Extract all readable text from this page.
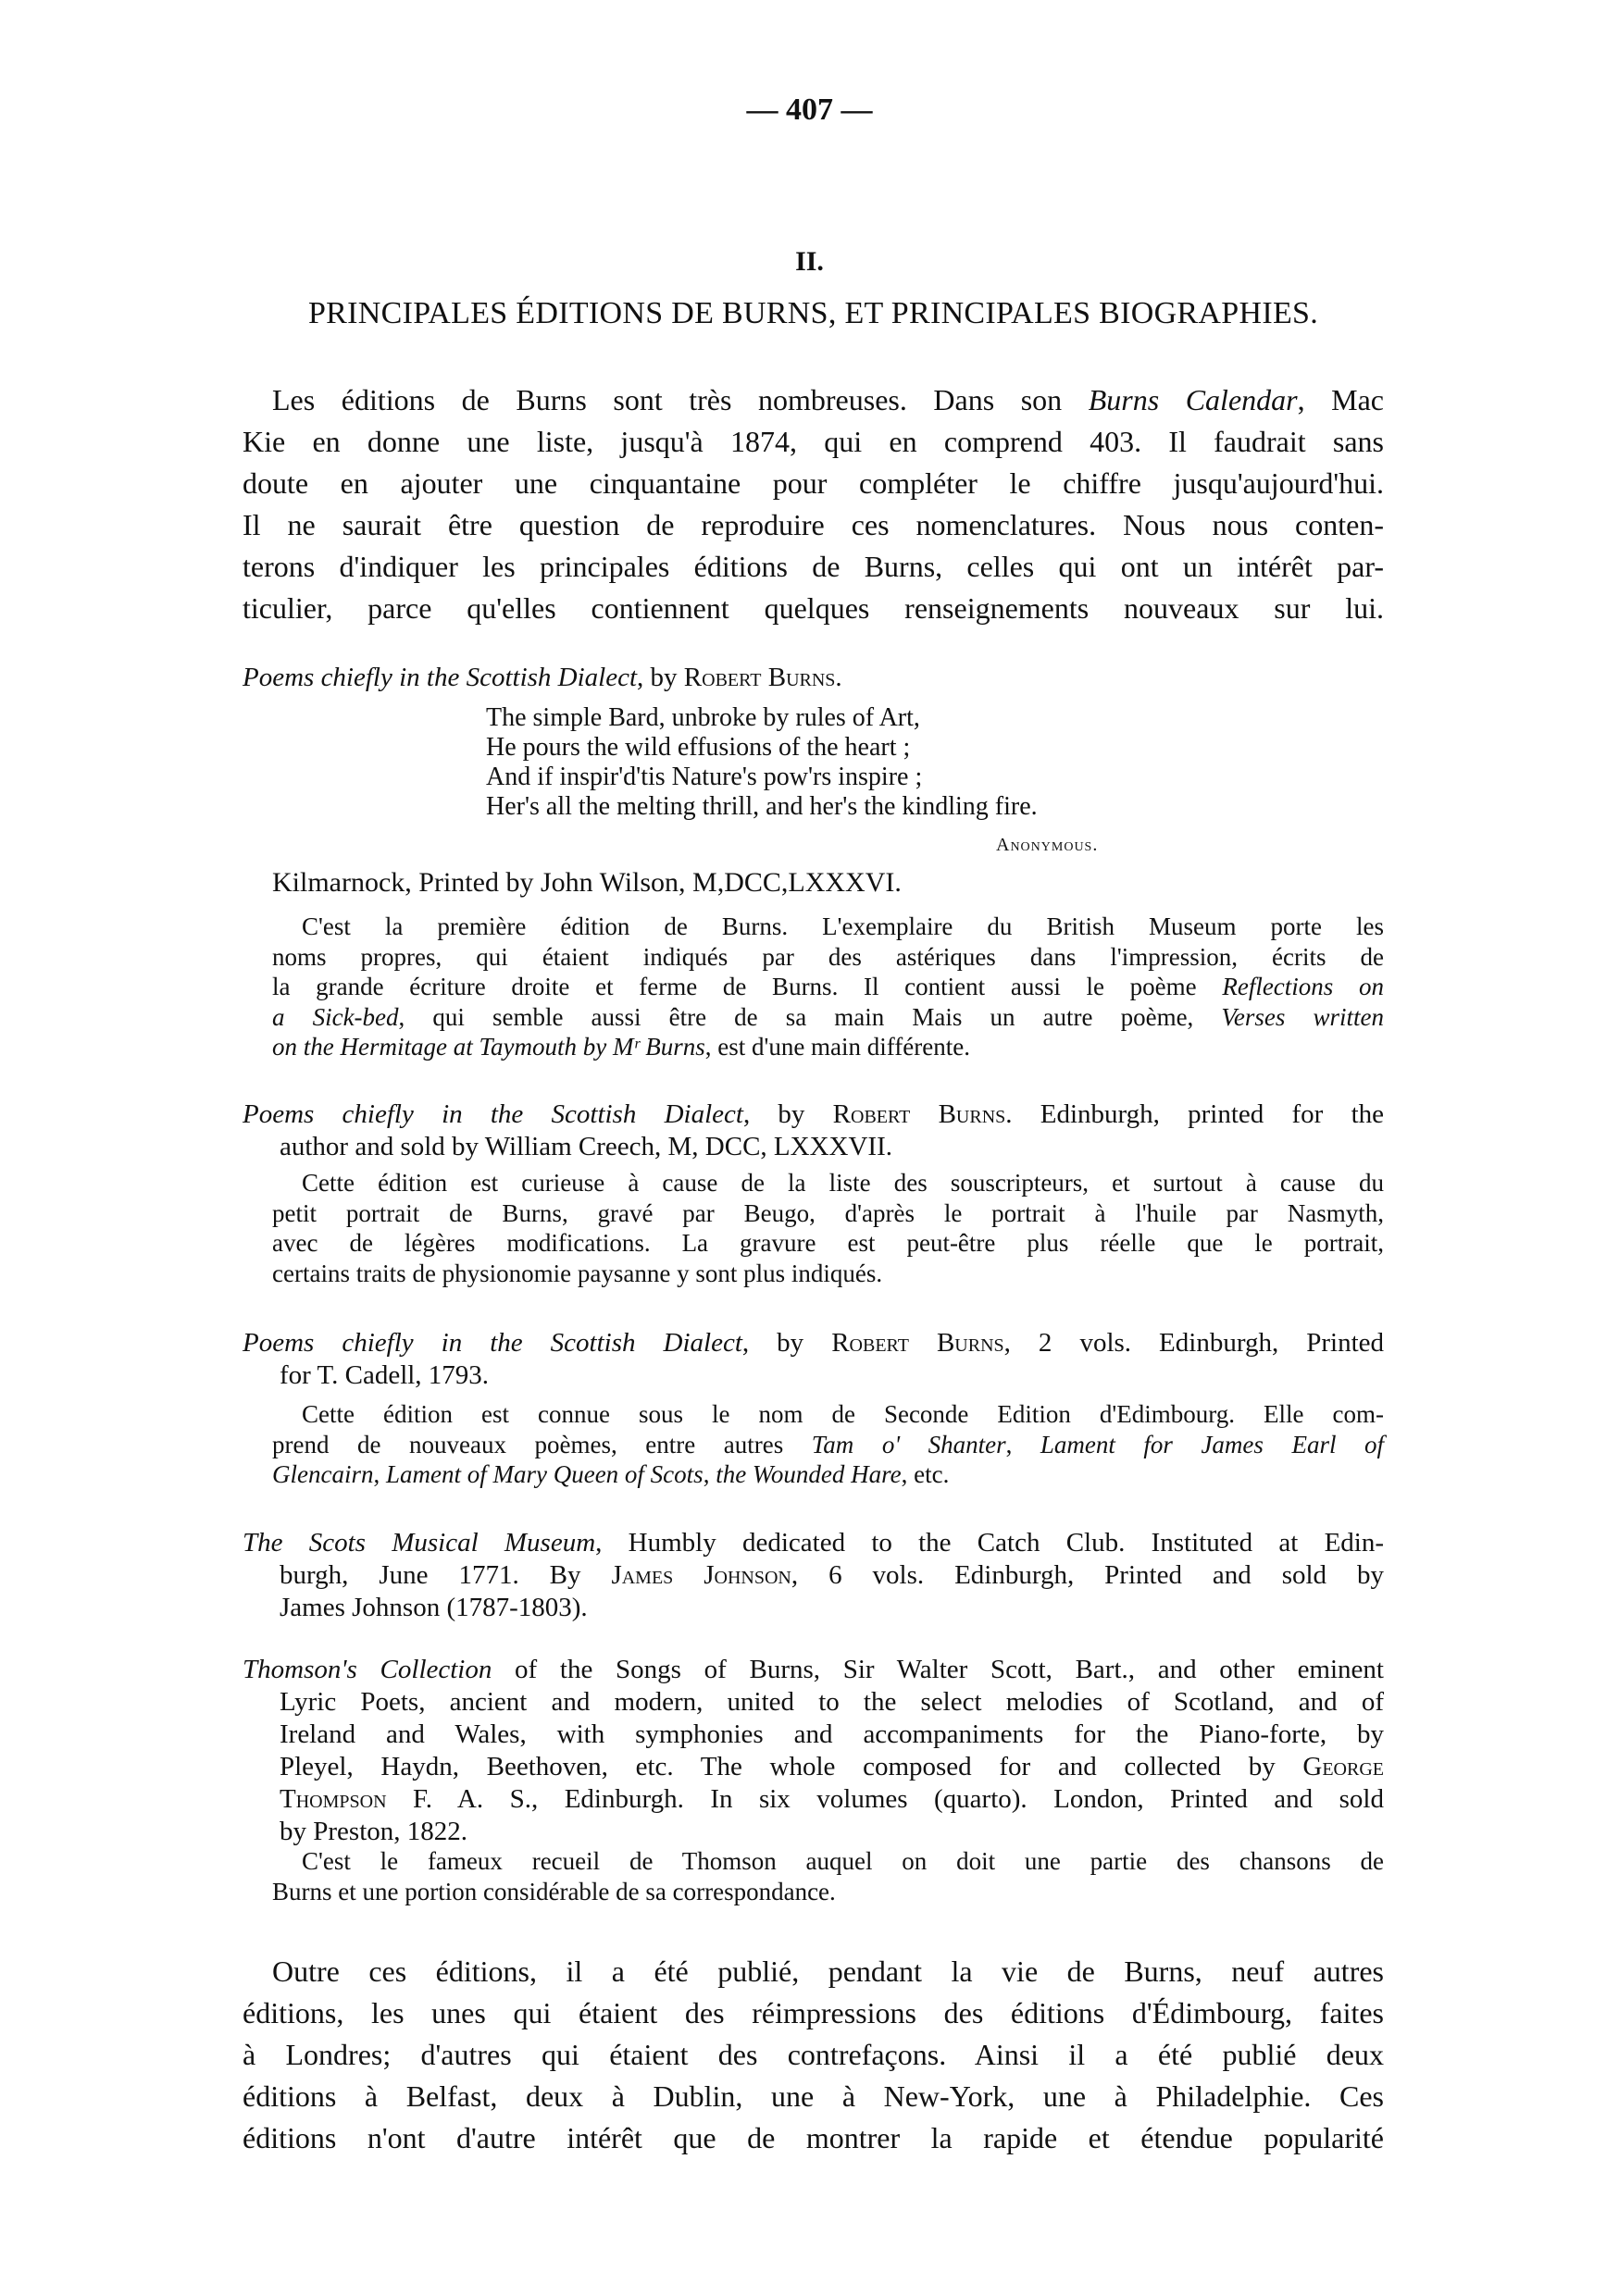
— 407 —
II.
PRINCIPALES ÉDITIONS DE BURNS, ET PRINCIPALES BIOGRAPHIES.
Les éditions de Burns sont très nombreuses. Dans son Burns Calendar, Mac
Kie en donne une liste, jusqu'à 1874, qui en comprend 403. Il faudrait sans
doute en ajouter une cinquantaine pour compléter le chiffre jusqu'aujourd'hui.
Il ne saurait être question de reproduire ces nomenclatures. Nous nous conten-
terons d'indiquer les principales éditions de Burns, celles qui ont un intérêt par-
ticulier, parce qu'elles contiennent quelques renseignements nouveaux sur lui.
Poems chiefly in the Scottish Dialect, by Robert Burns.
The simple Bard, unbroke by rules of Art,
He pours the wild effusions of the heart ;
And if inspir'd'tis Nature's pow'rs inspire ;
Her's all the melting thrill, and her's the kindling fire.
Anonymous.
Kilmarnock, Printed by John Wilson, M,DCC,LXXXVI.
C'est la première édition de Burns. L'exemplaire du British Museum porte les
noms propres, qui étaient indiqués par des astériques dans l'impression, écrits de
la grande écriture droite et ferme de Burns. Il contient aussi le poème Reflections on
a Sick-bed, qui semble aussi être de sa main Mais un autre poème, Verses written
on the Hermitage at Taymouth by Mʳ Burns, est d'une main différente.
Poems chiefly in the Scottish Dialect, by Robert Burns. Edinburgh, printed for the
author and sold by William Creech, M, DCC, LXXXVII.
Cette édition est curieuse à cause de la liste des souscripteurs, et surtout à cause du
petit portrait de Burns, gravé par Beugo, d'après le portrait à l'huile par Nasmyth,
avec de légères modifications. La gravure est peut-être plus réelle que le portrait,
certains traits de physionomie paysanne y sont plus indiqués.
Poems chiefly in the Scottish Dialect, by Robert Burns, 2 vols. Edinburgh, Printed
for T. Cadell, 1793.
Cette édition est connue sous le nom de Seconde Edition d'Edimbourg. Elle com-
prend de nouveaux poèmes, entre autres Tam o' Shanter, Lament for James Earl of
Glencairn, Lament of Mary Queen of Scots, the Wounded Hare, etc.
The Scots Musical Museum, Humbly dedicated to the Catch Club. Instituted at Edin-
burgh, June 1771. By James Johnson, 6 vols. Edinburgh, Printed and sold by
James Johnson (1787-1803).
Thomson's Collection of the Songs of Burns, Sir Walter Scott, Bart., and other eminent
Lyric Poets, ancient and modern, united to the select melodies of Scotland, and of
Ireland and Wales, with symphonies and accompaniments for the Piano-forte, by
Pleyel, Haydn, Beethoven, etc. The whole composed for and collected by George
Thompson F. A. S., Edinburgh. In six volumes (quarto). London, Printed and sold
by Preston, 1822.
C'est le fameux recueil de Thomson auquel on doit une partie des chansons de
Burns et une portion considérable de sa correspondance.
Outre ces éditions, il a été publié, pendant la vie de Burns, neuf autres
éditions, les unes qui étaient des réimpressions des éditions d'Édimbourg, faites
à Londres; d'autres qui étaient des contrefaçons. Ainsi il a été publié deux
éditions à Belfast, deux à Dublin, une à New-York, une à Philadelphie. Ces
éditions n'ont d'autre intérêt que de montrer la rapide et étendue popularité
